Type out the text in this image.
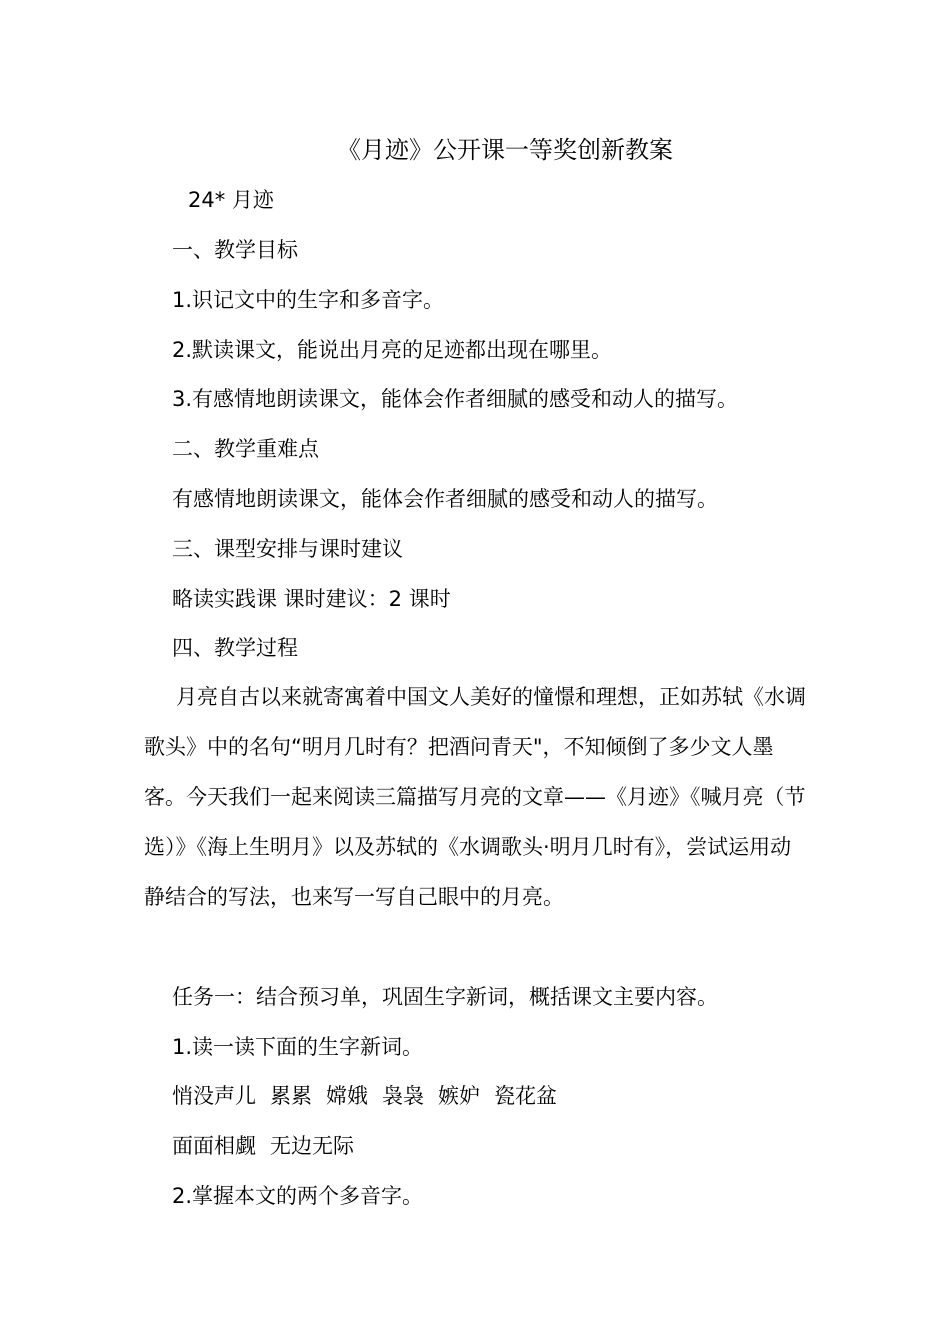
《月迹》公开课一等奖创新教案

24* 月迹

一、教学目标

1.识记文中的生字和多音字。

2.默读课文，能说出月亮的足迹都出现在哪里。

3.有感情地朗读课文，能体会作者细腻的感受和动人的描写。

二、教学重难点

有感情地朗读课文，能体会作者细腻的感受和动人的描写。

三、课型安排与课时建议

略读实践课 课时建议：2 课时

四、教学过程

月亮自古以来就寄寓着中国文人美好的憧憬和理想，正如苏轼《水调歌头》中的名句“明月几时有？把酒问青天"，不知倾倒了多少文人墨客。今天我们一起来阅读三篇描写月亮的文章——《月迹》《喊月亮（节选）》《海上生明月》以及苏轼的《水调歌头·明月几时有》，尝试运用动静结合的写法，也来写一写自己眼中的月亮。

任务一：结合预习单，巩固生字新词，概括课文主要内容。

1.读一读下面的生字新词。

悄没声儿 累累 嫦娥 袅袅 嫉妒 瓷花盆

面面相觑 无边无际

2.掌握本文的两个多音字。
